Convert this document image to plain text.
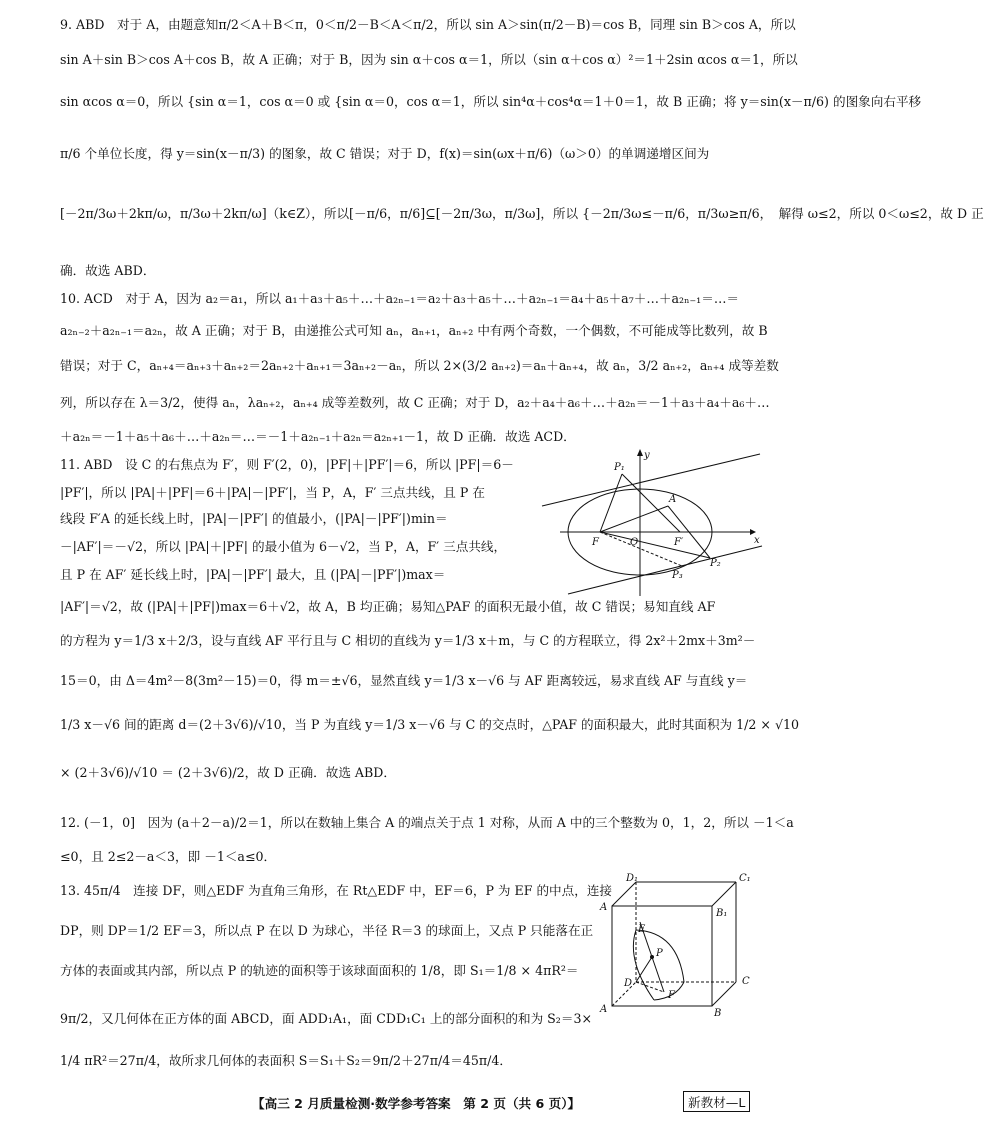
9. ABD　对于 A，由题意知π/2＜A＋B＜π，0＜π/2－B＜A＜π/2，所以 sin A＞sin(π/2－B)＝cos B，同理 sin B＞cos A，所以
sin A＋sin B＞cos A＋cos B，故 A 正确；对于 B，因为 sin α＋cos α＝1，所以（sin α＋cos α）²＝1＋2sin αcos α＝1，所以
sin αcos α＝0，所以 {sin α＝1，cos α＝0 或 {sin α＝0，cos α＝1，所以 sin⁴α＋cos⁴α＝1＋0＝1，故 B 正确；将 y＝sin(x－π/6) 的图象向右平移
π/6 个单位长度，得 y＝sin(x－π/3) 的图象，故 C 错误；对于 D，f(x)＝sin(ωx＋π/6)（ω＞0）的单调递增区间为
[－2π/3ω＋2kπ/ω，π/3ω＋2kπ/ω]（k∈Z），所以[－π/6，π/6]⊆[－2π/3ω，π/3ω]，所以 {－2π/3ω≤－π/6，π/3ω≥π/6，　解得 ω≤2，所以 0＜ω≤2，故 D 正
确．故选 ABD．
10. ACD　对于 A，因为 a₂＝a₁，所以 a₁＋a₃＋a₅＋…＋a₂ₙ₋₁＝a₂＋a₃＋a₅＋…＋a₂ₙ₋₁＝a₄＋a₅＋a₇＋…＋a₂ₙ₋₁＝…＝
a₂ₙ₋₂＋a₂ₙ₋₁＝a₂ₙ，故 A 正确；对于 B，由递推公式可知 aₙ，aₙ₊₁，aₙ₊₂ 中有两个奇数，一个偶数，不可能成等比数列，故 B
错误；对于 C，aₙ₊₄＝aₙ₊₃＋aₙ₊₂＝2aₙ₊₂＋aₙ₊₁＝3aₙ₊₂－aₙ，所以 2×(3/2 aₙ₊₂)＝aₙ＋aₙ₊₄，故 aₙ，3/2 aₙ₊₂，aₙ₊₄ 成等差数
列，所以存在 λ＝3/2，使得 aₙ，λaₙ₊₂，aₙ₊₄ 成等差数列，故 C 正确；对于 D，a₂＋a₄＋a₆＋…＋a₂ₙ＝－1＋a₃＋a₄＋a₆＋…
＋a₂ₙ＝－1＋a₅＋a₆＋…＋a₂ₙ＝…＝－1＋a₂ₙ₋₁＋a₂ₙ＝a₂ₙ₊₁－1，故 D 正确．故选 ACD．
11. ABD　设 C 的右焦点为 F′，则 F′(2，0)，|PF|＋|PF′|＝6，所以 |PF|＝6－
|PF′|，所以 |PA|＋|PF|＝6＋|PA|－|PF′|，当 P，A，F′ 三点共线，且 P 在
线段 F′A 的延长线上时，|PA|－|PF′| 的值最小，(|PA|－|PF′|)min＝
－|AF′|＝－√2，所以 |PA|＋|PF| 的最小值为 6－√2，当 P，A，F′ 三点共线，
且 P 在 AF′ 延长线上时，|PA|－|PF′| 最大，且 (|PA|－|PF′|)max＝
|AF′|＝√2，故 (|PA|＋|PF|)max＝6＋√2，故 A，B 均正确；易知△PAF 的面积无最小值，故 C 错误；易知直线 AF
的方程为 y＝1/3 x＋2/3，设与直线 AF 平行且与 C 相切的直线为 y＝1/3 x＋m，与 C 的方程联立，得 2x²＋2mx＋3m²－
15＝0，由 Δ＝4m²－8(3m²－15)＝0，得 m＝±√6，显然直线 y＝1/3 x－√6 与 AF 距离较远，易求直线 AF 与直线 y＝
1/3 x－√6 间的距离 d＝(2＋3√6)/√10，当 P 为直线 y＝1/3 x－√6 与 C 的交点时，△PAF 的面积最大，此时其面积为 1/2 × √10
× (2＋3√6)/√10 ＝ (2＋3√6)/2，故 D 正确．故选 ABD．
y
x
P₁
A
F	O	F′
P₂
P₃
12. (－1，0]　因为 (a＋2－a)/2＝1，所以在数轴上集合 A 的端点关于点 1 对称，从而 A 中的三个整数为 0，1，2，所以 －1＜a
≤0，且 2≤2－a＜3，即 －1＜a≤0．
13. 45π/4　连接 DF，则△EDF 为直角三角形，在 Rt△EDF 中，EF＝6，P 为 EF 的中点，连接
DP，则 DP＝1/2 EF＝3，所以点 P 在以 D 为球心，半径 R＝3 的球面上，又点 P 只能落在正
方体的表面或其内部，所以点 P 的轨迹的面积等于该球面面积的 1/8，即 S₁＝1/8 × 4πR²＝
9π/2，又几何体在正方体的面 ABCD，面 ADD₁A₁，面 CDD₁C₁ 上的部分面积的和为 S₂＝3×
1/4 πR²＝27π/4，故所求几何体的表面积 S＝S₁＋S₂＝9π/2＋27π/4＝45π/4．
D₁	C₁
A
B₁
E
P
D	C
F
A	B
【高三 2 月质量检测·数学参考答案　第 2 页（共 6 页）】	新教材—L
